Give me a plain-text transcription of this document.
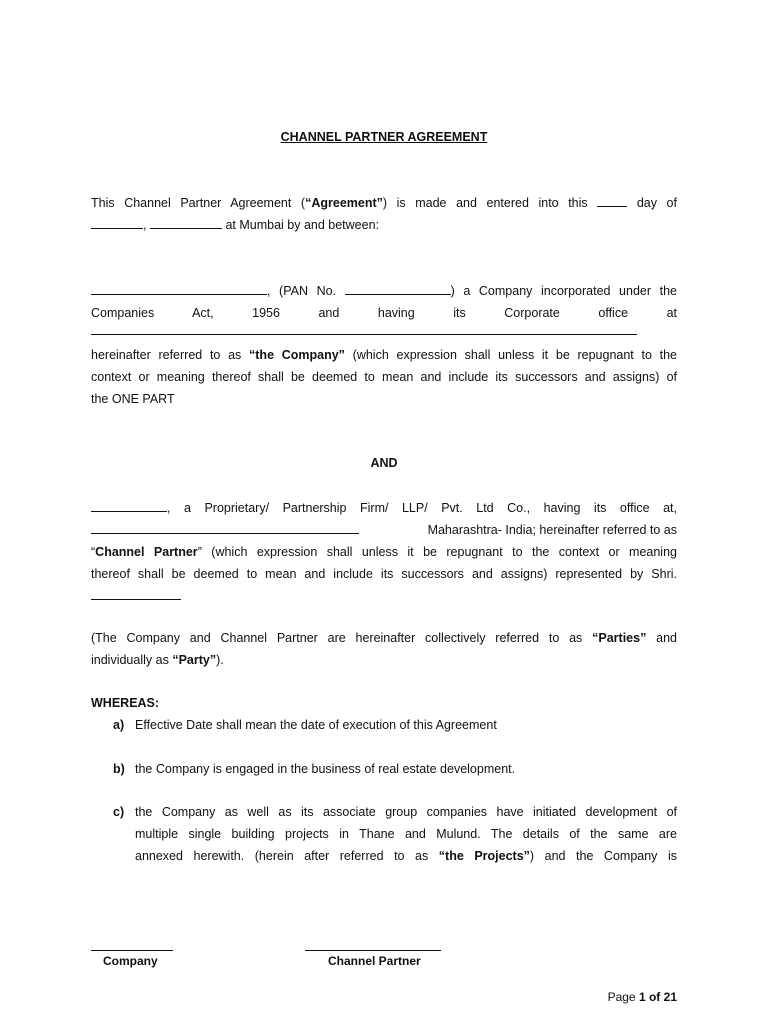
CHANNEL PARTNER AGREEMENT
This Channel Partner Agreement (“Agreement”) is made and entered into this	day of
,	at Mumbai by and between:
, (PAN No.	) a Company incorporated under the
Companies Act, 1956 and having its Corporate office at
hereinafter referred to as “the Company” (which expression shall unless it be repugnant to the
context or meaning thereof shall be deemed to mean and include its successors and assigns) of
the ONE PART
AND
, a Proprietary/ Partnership Firm/ LLP/ Pvt. Ltd Co., having its office at,
Maharashtra- India; hereinafter referred to as
“Channel Partner” (which expression shall unless it be repugnant to the context or meaning
thereof shall be deemed to mean and include its successors and assigns) represented by Shri.
(The Company and Channel Partner are hereinafter collectively referred to as “Parties” and
individually as “Party”).
WHEREAS:
a) Effective Date shall mean the date of execution of this Agreement
b) the Company is engaged in the business of real estate development.
c) the Company as well as its associate group companies have initiated development of
multiple single building projects in Thane and Mulund. The details of the same are
annexed herewith. (herein after referred to as “the Projects”) and the Company is
Company	Channel Partner
Page 1 of 21
